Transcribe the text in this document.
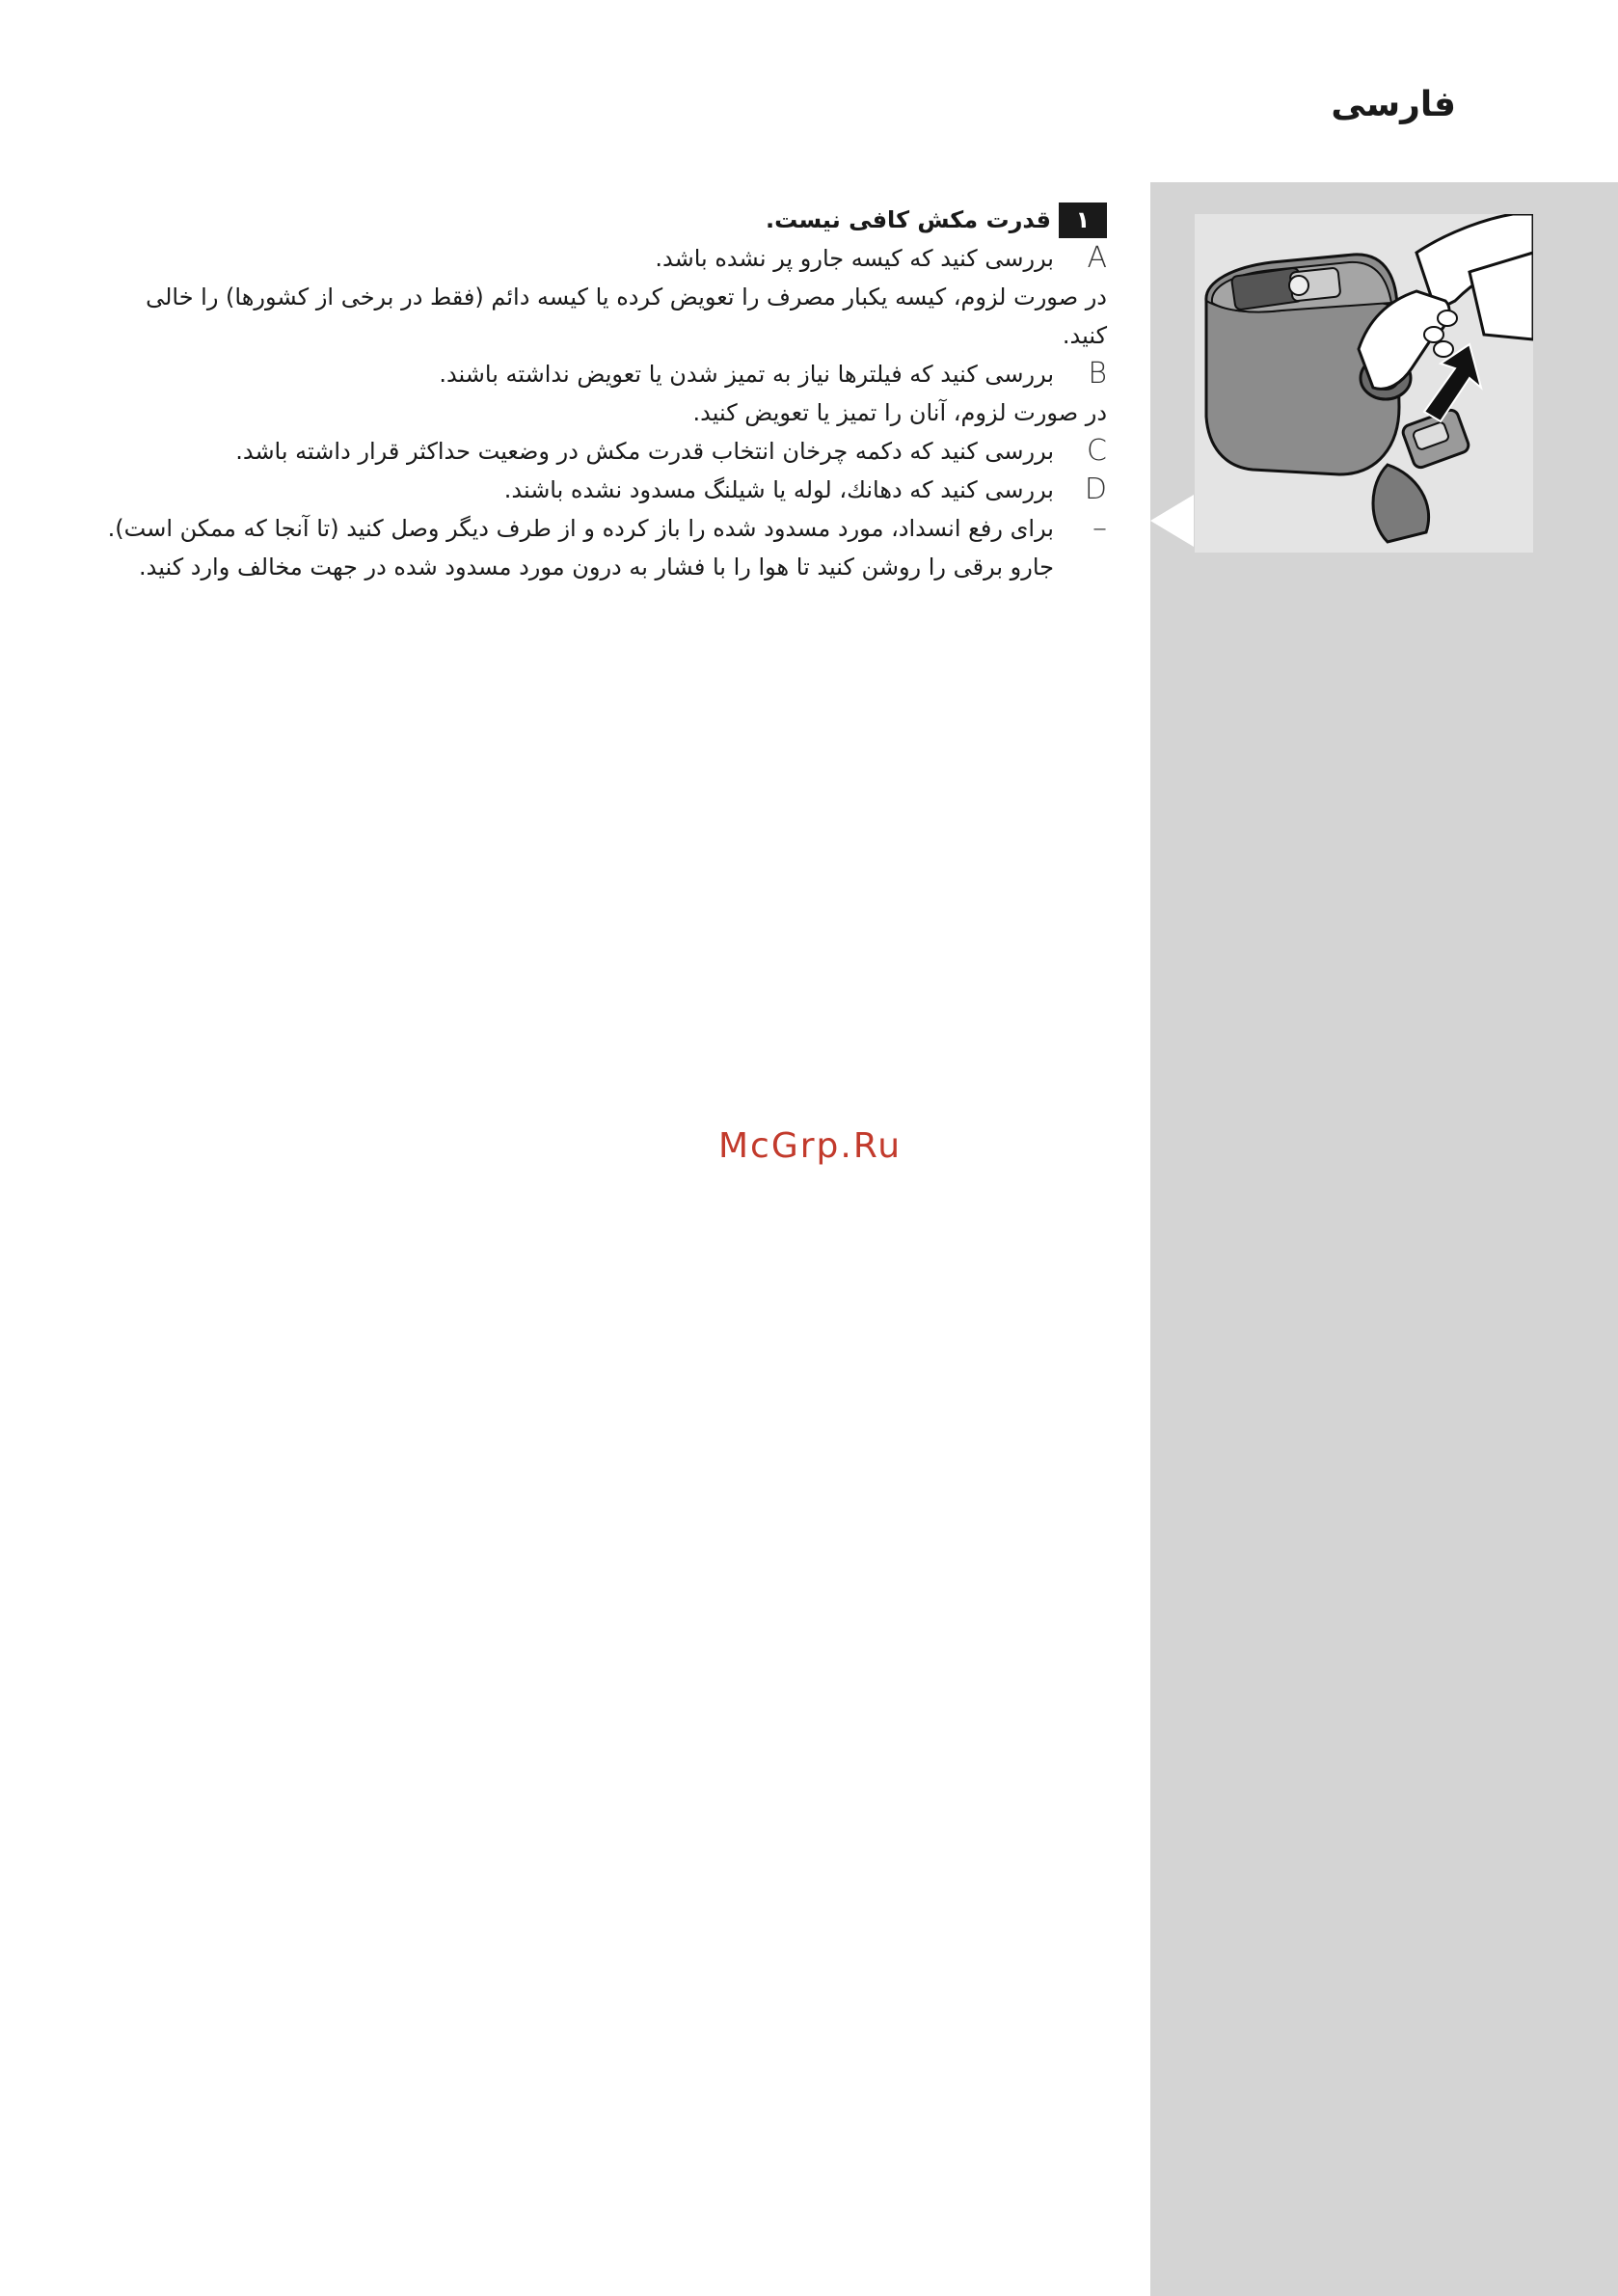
فارسی
۱
قدرت مکش کافی نیست.
A
بررسی کنید که کیسه جارو پر نشده باشد.
در صورت لزوم، کیسه یکبار مصرف را تعویض کرده یا کیسه دائم (فقط در برخی از کشورها) را خالی کنید.
B
بررسی کنید که فیلترها نیاز به تمیز شدن یا تعویض نداشته باشند.
در صورت لزوم، آنان را تمیز یا تعویض کنید.
C
بررسی کنید که دکمه چرخان انتخاب قدرت مکش در وضعیت حداکثر قرار داشته باشد.
D
بررسی کنید که دهانك، لوله یا شیلنگ مسدود نشده باشند.
–
برای رفع انسداد، مورد مسدود شده را باز کرده و از طرف دیگر وصل کنید (تا آنجا که ممکن است). جارو برقی را روشن کنید تا هوا را با فشار به درون مورد مسدود شده در جهت مخالف وارد کنید.
McGrp.Ru
